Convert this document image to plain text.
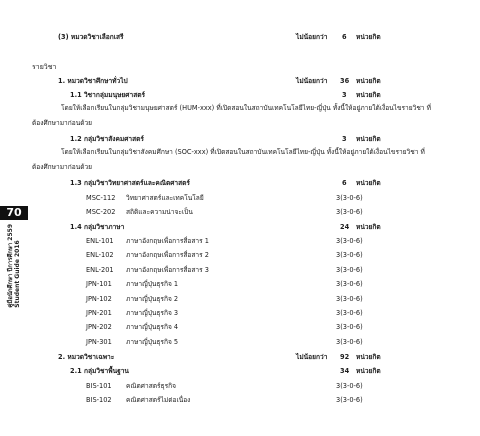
70
คู่มือนักศึกษา ปีการศึกษา 2559 Student Guide 2016
(3) หมวดวิชาเลือกเสรี	ไม่น้อยกว่า 6 หน่วยกิต
รายวิชา
1. หมวดวิชาศึกษาทั่วไป	ไม่น้อยกว่า 36 หน่วยกิต
1.1 วิชากลุ่มมนุษยศาสตร์	3 หน่วยกิต
โดยให้เลือกเรียนในกลุ่มวิชามนุษยศาสตร์ (HUM-xxx) ที่เปิดสอนในสถาบันเทคโนโลยีไทย-ญี่ปุ่น ทั้งนี้ให้อยู่ภายใต้เงื่อนไขรายวิชา ที่ต้องศึกษามาก่อนด้วย
1.2 กลุ่มวิชาสังคมศาสตร์	3 หน่วยกิต
โดยให้เลือกเรียนในกลุ่มวิชาสังคมศึกษา (SOC-xxx) ที่เปิดสอนในสถาบันเทคโนโลยีไทย-ญี่ปุ่น ทั้งนี้ให้อยู่ภายใต้เงื่อนไขรายวิชา ที่ต้องศึกษามาก่อนด้วย
1.3 กลุ่มวิชาวิทยาศาสตร์และคณิตศาสตร์	6 หน่วยกิต
MSC-112 วิทยาศาสตร์และเทคโนโลยี	3(3-0-6)
MSC-202 สถิติและความน่าจะเป็น	3(3-0-6)
1.4 กลุ่มวิชาภาษา	24 หน่วยกิต
ENL-101 ภาษาอังกฤษเพื่อการสื่อสาร 1	3(3-0-6)
ENL-102 ภาษาอังกฤษเพื่อการสื่อสาร 2	3(3-0-6)
ENL-201 ภาษาอังกฤษเพื่อการสื่อสาร 3	3(3-0-6)
JPN-101 ภาษาญี่ปุ่นธุรกิจ 1	3(3-0-6)
JPN-102 ภาษาญี่ปุ่นธุรกิจ 2	3(3-0-6)
JPN-201 ภาษาญี่ปุ่นธุรกิจ 3	3(3-0-6)
JPN-202 ภาษาญี่ปุ่นธุรกิจ 4	3(3-0-6)
JPN-301 ภาษาญี่ปุ่นธุรกิจ 5	3(3-0-6)
2. หมวดวิชาเฉพาะ	ไม่น้อยกว่า 92 หน่วยกิต
2.1 กลุ่มวิชาพื้นฐาน	34 หน่วยกิต
BIS-101 คณิตศาสตร์ธุรกิจ	3(3-0-6)
BIS-102 คณิตศาสตร์ไม่ต่อเนื่อง	3(3-0-6)
